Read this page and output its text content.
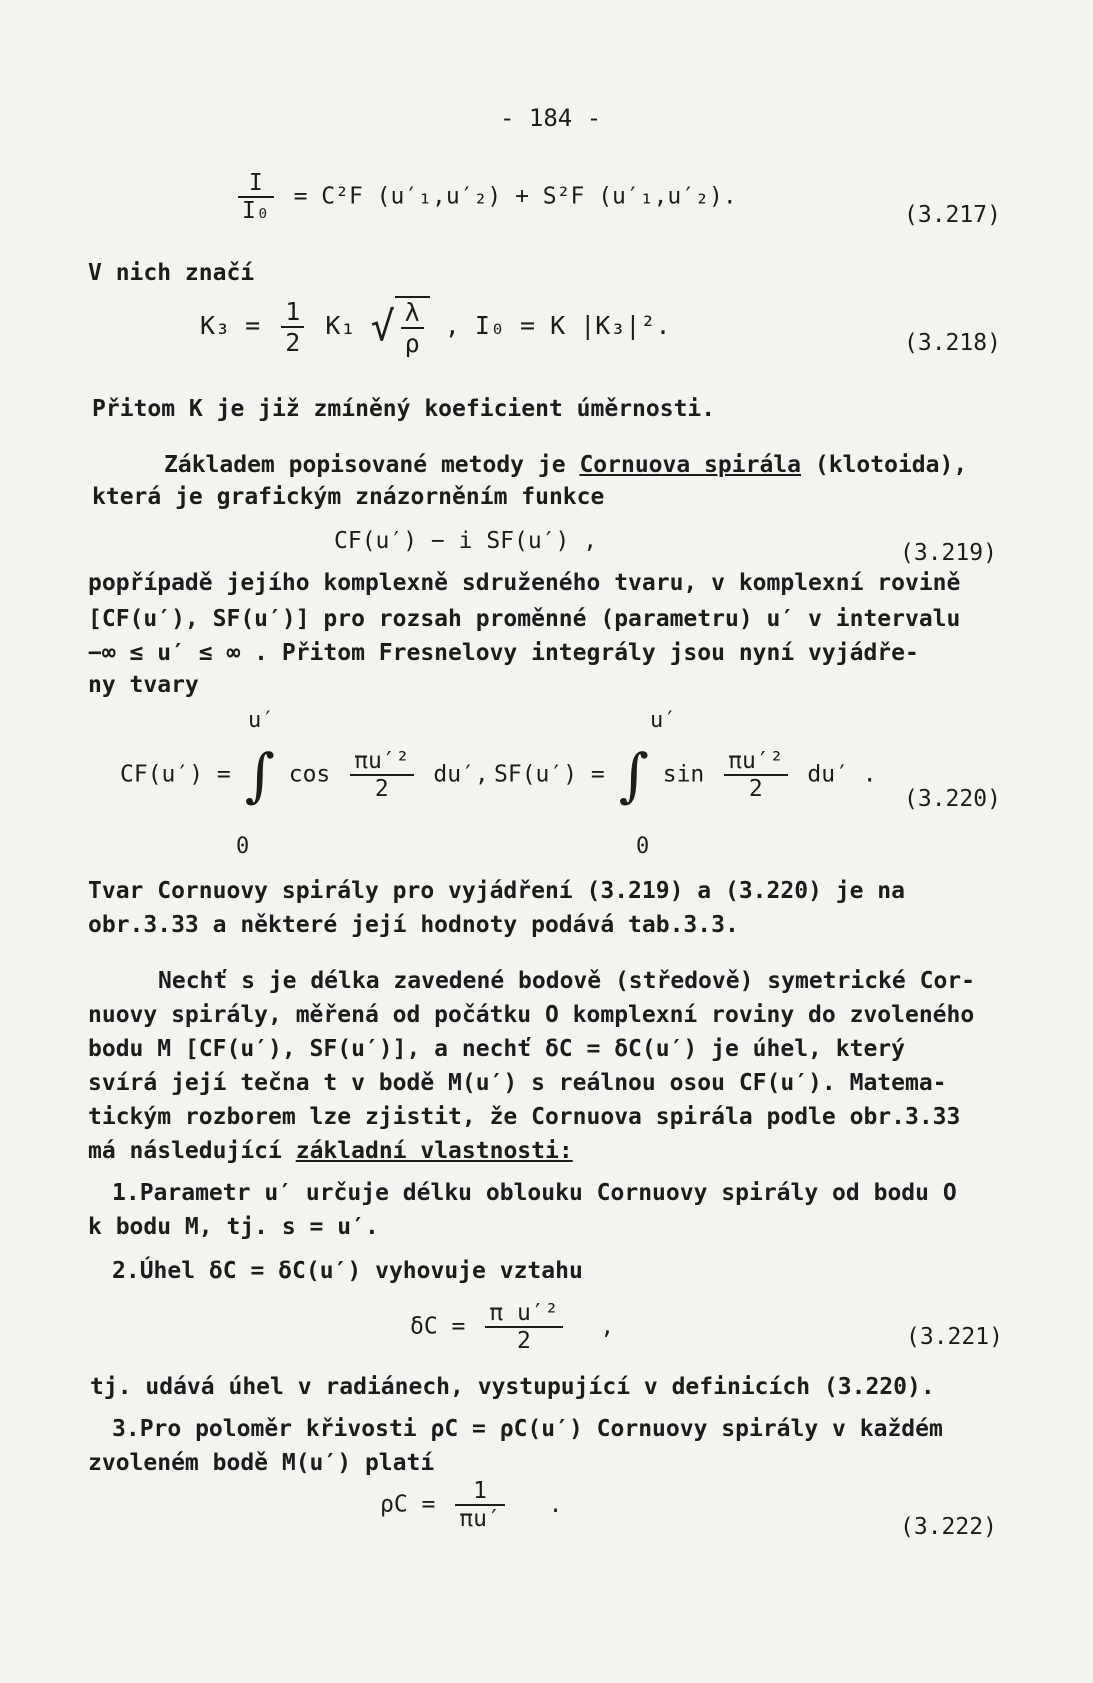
- 184 -
$\frac{I}{\text{I₀}} = C^2F$ (u′₁,u′₂) + S²F (u′₁,u′₂).
(3.217)
V nich značí
$K_3 = \frac{1}{2} K_1$ √ $\frac{\lambda}{\rho}$ , I₀ = K |K₃|².
(3.218)
Přitom K je již zmíněný koeficient úměrnosti.
Základem popisované metody je Cornuova spirála (klotoida),
která je grafickým znázorněním funkce
CF(u′) − i SF(u′) ,	(3.219)
popřípadě jejího komplexně sdruženého tvaru, v komplexní rovině
[CF(u′), SF(u′)] pro rozsah proměnné (parametru) u′ v intervalu
−∞ ≤ u′ ≤ ∞ . Přitom Fresnelovy integrály jsou nyní vyjádře-
ny tvary
u′
0
CF(u′) = ∫ $\cos \frac{\text{πu′²}}{2} du'$,
u′
0
SF(u′) = ∫ $\sin \frac{\text{πu′²}}{2} du'$ .
(3.220)
Tvar Cornuovy spirály pro vyjádření (3.219) a (3.220) je na
obr.3.33 a některé její hodnoty podává tab.3.3.
Nechť s je délka zavedené bodově (středově) symetrické Cor-
nuovy spirály, měřená od počátku O komplexní roviny do zvoleného
bodu M [CF(u′), SF(u′)], a nechť δC = δC(u′) je úhel, který
svírá její tečna t v bodě M(u′) s reálnou osou CF(u′). Matema-
tickým rozborem lze zjistit, že Cornuova spirála podle obr.3.33
má následující základní vlastnosti:
1.Parametr u′ určuje délku oblouku Cornuovy spirály od bodu O
k bodu M, tj. s = u′.
2.Úhel δC = δC(u′) vyhovuje vztahu
$\delta C = \frac{\text{π u′²}}{2}$ ,	(3.221)
tj. udává úhel v radiánech, vystupující v definicích (3.220).
3.Pro poloměr křivosti ρC = ρC(u′) Cornuovy spirály v každém
zvoleném bodě M(u′) platí
$\rho C = \frac{1}{\pi u'}$ .
(3.222)
